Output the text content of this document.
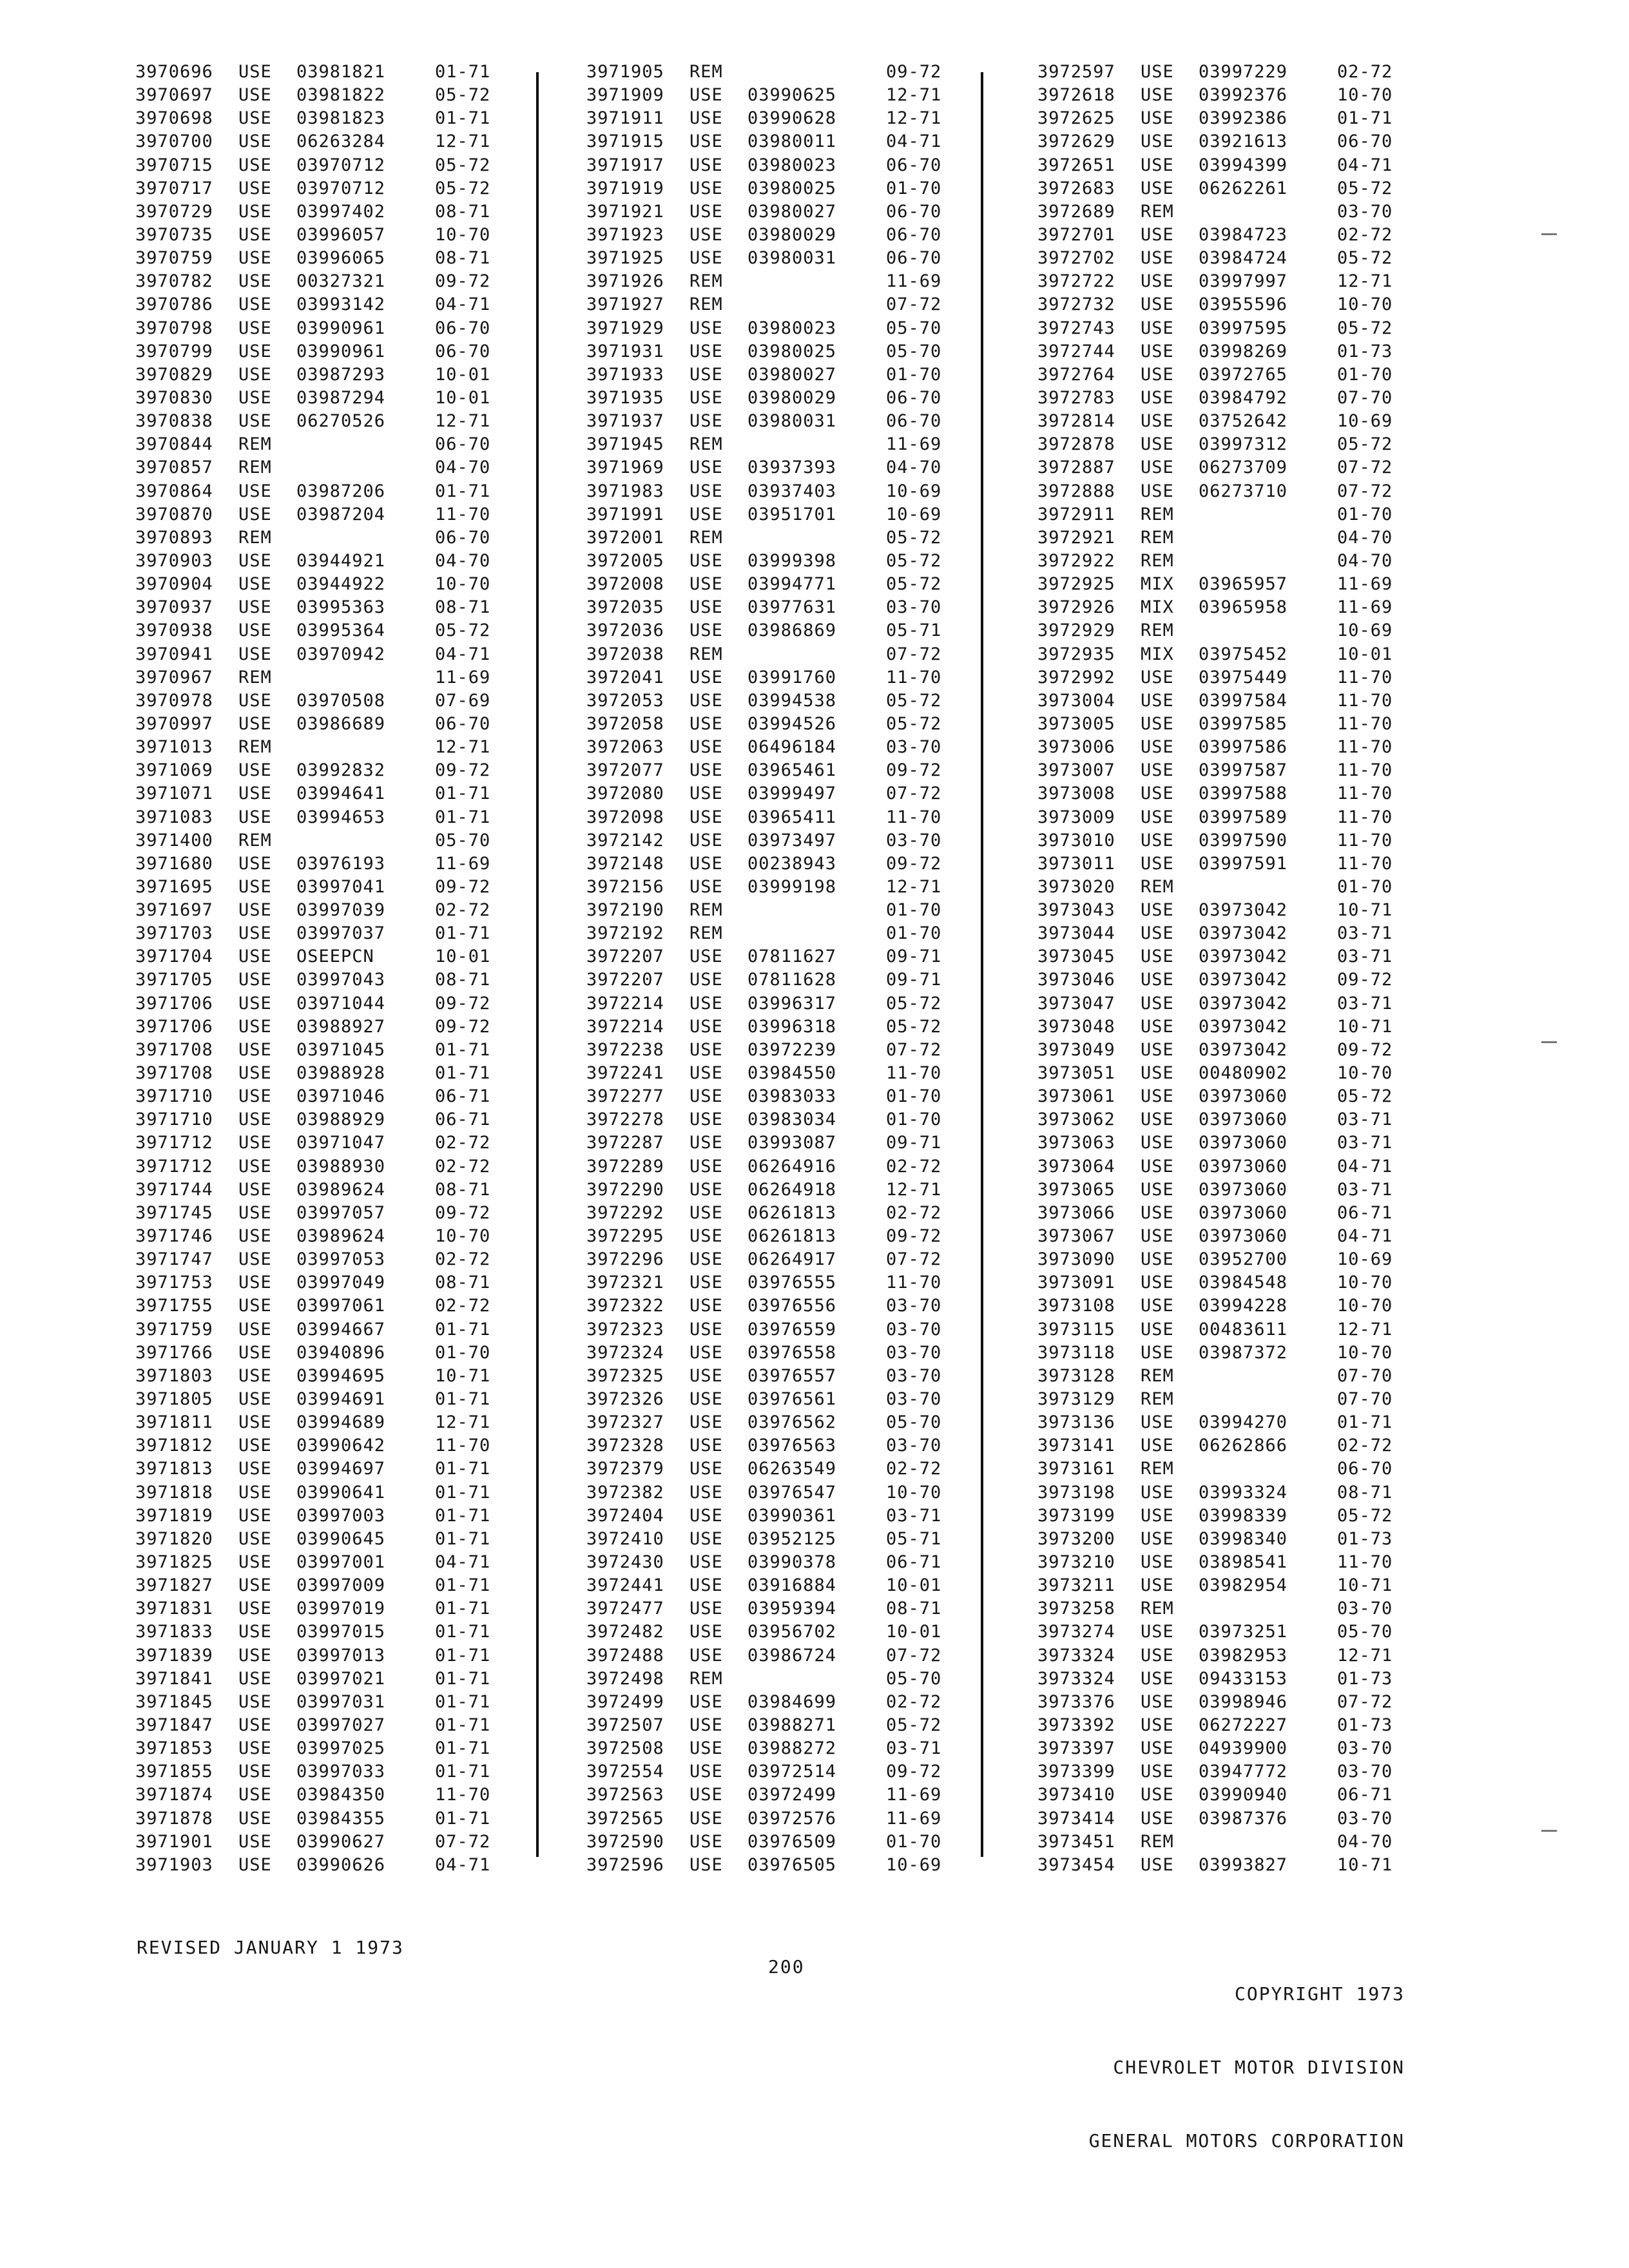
3970696 USE 03981821	01-71
3970697 USE 03981822	05-72
3970698 USE 03981823	01-71
3970700 USE 06263284	12-71
3970715 USE 03970712	05-72
3970717 USE 03970712	05-72
3970729 USE 03997402	08-71
3970735 USE 03996057	10-70
3970759 USE 03996065	08-71
3970782 USE 00327321	09-72
3970786 USE 03993142	04-71
3970798 USE 03990961	06-70
3970799 USE 03990961	06-70
3970829 USE 03987293	10-01
3970830 USE 03987294	10-01
3970838 USE 06270526	12-71
3970844 REM	06-70
3970857 REM	04-70
3970864 USE 03987206	01-71
3970870 USE 03987204	11-70
3970893 REM	06-70
3970903 USE 03944921	04-70
3970904 USE 03944922	10-70
3970937 USE 03995363	08-71
3970938 USE 03995364	05-72
3970941 USE 03970942	04-71
3970967 REM	11-69
3970978 USE 03970508	07-69
3970997 USE 03986689	06-70
3971013 REM	12-71
3971069 USE 03992832	09-72
3971071 USE 03994641	01-71
3971083 USE 03994653	01-71
3971400 REM	05-70
3971680 USE 03976193	11-69
3971695 USE 03997041	09-72
3971697 USE 03997039	02-72
3971703 USE 03997037	01-71
3971704 USE OSEEPCN	10-01
3971705 USE 03997043	08-71
3971706 USE 03971044	09-72
3971706 USE 03988927	09-72
3971708 USE 03971045	01-71
3971708 USE 03988928	01-71
3971710 USE 03971046	06-71
3971710 USE 03988929	06-71
3971712 USE 03971047	02-72
3971712 USE 03988930	02-72
3971744 USE 03989624	08-71
3971745 USE 03997057	09-72
3971746 USE 03989624	10-70
3971747 USE 03997053	02-72
3971753 USE 03997049	08-71
3971755 USE 03997061	02-72
3971759 USE 03994667	01-71
3971766 USE 03940896	01-70
3971803 USE 03994695	10-71
3971805 USE 03994691	01-71
3971811 USE 03994689	12-71
3971812 USE 03990642	11-70
3971813 USE 03994697	01-71
3971818 USE 03990641	01-71
3971819 USE 03997003	01-71
3971820 USE 03990645	01-71
3971825 USE 03997001	04-71
3971827 USE 03997009	01-71
3971831 USE 03997019	01-71
3971833 USE 03997015	01-71
3971839 USE 03997013	01-71
3971841 USE 03997021	01-71
3971845 USE 03997031	01-71
3971847 USE 03997027	01-71
3971853 USE 03997025	01-71
3971855 USE 03997033	01-71
3971874 USE 03984350	11-70
3971878 USE 03984355	01-71
3971901 USE 03990627	07-72
3971903 USE 03990626	04-71
3971905 REM	09-72
3971909 USE 03990625	12-71
3971911 USE 03990628	12-71
3971915 USE 03980011	04-71
3971917 USE 03980023	06-70
3971919 USE 03980025	01-70
3971921 USE 03980027	06-70
3971923 USE 03980029	06-70
3971925 USE 03980031	06-70
3971926 REM	11-69
3971927 REM	07-72
3971929 USE 03980023	05-70
3971931 USE 03980025	05-70
3971933 USE 03980027	01-70
3971935 USE 03980029	06-70
3971937 USE 03980031	06-70
3971945 REM	11-69
3971969 USE 03937393	04-70
3971983 USE 03937403	10-69
3971991 USE 03951701	10-69
3972001 REM	05-72
3972005 USE 03999398	05-72
3972008 USE 03994771	05-72
3972035 USE 03977631	03-70
3972036 USE 03986869	05-71
3972038 REM	07-72
3972041 USE 03991760	11-70
3972053 USE 03994538	05-72
3972058 USE 03994526	05-72
3972063 USE 06496184	03-70
3972077 USE 03965461	09-72
3972080 USE 03999497	07-72
3972098 USE 03965411	11-70
3972142 USE 03973497	03-70
3972148 USE 00238943	09-72
3972156 USE 03999198	12-71
3972190 REM	01-70
3972192 REM	01-70
3972207 USE 07811627	09-71
3972207 USE 07811628	09-71
3972214 USE 03996317	05-72
3972214 USE 03996318	05-72
3972238 USE 03972239	07-72
3972241 USE 03984550	11-70
3972277 USE 03983033	01-70
3972278 USE 03983034	01-70
3972287 USE 03993087	09-71
3972289 USE 06264916	02-72
3972290 USE 06264918	12-71
3972292 USE 06261813	02-72
3972295 USE 06261813	09-72
3972296 USE 06264917	07-72
3972321 USE 03976555	11-70
3972322 USE 03976556	03-70
3972323 USE 03976559	03-70
3972324 USE 03976558	03-70
3972325 USE 03976557	03-70
3972326 USE 03976561	03-70
3972327 USE 03976562	05-70
3972328 USE 03976563	03-70
3972379 USE 06263549	02-72
3972382 USE 03976547	10-70
3972404 USE 03990361	03-71
3972410 USE 03952125	05-71
3972430 USE 03990378	06-71
3972441 USE 03916884	10-01
3972477 USE 03959394	08-71
3972482 USE 03956702	10-01
3972488 USE 03986724	07-72
3972498 REM	05-70
3972499 USE 03984699	02-72
3972507 USE 03988271	05-72
3972508 USE 03988272	03-71
3972554 USE 03972514	09-72
3972563 USE 03972499	11-69
3972565 USE 03972576	11-69
3972590 USE 03976509	01-70
3972596 USE 03976505	10-69
3972597 USE 03997229	02-72
3972618 USE 03992376	10-70
3972625 USE 03992386	01-71
3972629 USE 03921613	06-70
3972651 USE 03994399	04-71
3972683 USE 06262261	05-72
3972689 REM	03-70
3972701 USE 03984723	02-72
3972702 USE 03984724	05-72
3972722 USE 03997997	12-71
3972732 USE 03955596	10-70
3972743 USE 03997595	05-72
3972744 USE 03998269	01-73
3972764 USE 03972765	01-70
3972783 USE 03984792	07-70
3972814 USE 03752642	10-69
3972878 USE 03997312	05-72
3972887 USE 06273709	07-72
3972888 USE 06273710	07-72
3972911 REM	01-70
3972921 REM	04-70
3972922 REM	04-70
3972925 MIX 03965957	11-69
3972926 MIX 03965958	11-69
3972929 REM	10-69
3972935 MIX 03975452	10-01
3972992 USE 03975449	11-70
3973004 USE 03997584	11-70
3973005 USE 03997585	11-70
3973006 USE 03997586	11-70
3973007 USE 03997587	11-70
3973008 USE 03997588	11-70
3973009 USE 03997589	11-70
3973010 USE 03997590	11-70
3973011 USE 03997591	11-70
3973020 REM	01-70
3973043 USE 03973042	10-71
3973044 USE 03973042	03-71
3973045 USE 03973042	03-71
3973046 USE 03973042	09-72
3973047 USE 03973042	03-71
3973048 USE 03973042	10-71
3973049 USE 03973042	09-72
3973051 USE 00480902	10-70
3973061 USE 03973060	05-72
3973062 USE 03973060	03-71
3973063 USE 03973060	03-71
3973064 USE 03973060	04-71
3973065 USE 03973060	03-71
3973066 USE 03973060	06-71
3973067 USE 03973060	04-71
3973090 USE 03952700	10-69
3973091 USE 03984548	10-70
3973108 USE 03994228	10-70
3973115 USE 00483611	12-71
3973118 USE 03987372	10-70
3973128 REM	07-70
3973129 REM	07-70
3973136 USE 03994270	01-71
3973141 USE 06262866	02-72
3973161 REM	06-70
3973198 USE 03993324	08-71
3973199 USE 03998339	05-72
3973200 USE 03998340	01-73
3973210 USE 03898541	11-70
3973211 USE 03982954	10-71
3973258 REM	03-70
3973274 USE 03973251	05-70
3973324 USE 03982953	12-71
3973324 USE 09433153	01-73
3973376 USE 03998946	07-72
3973392 USE 06272227	01-73
3973397 USE 04939900	03-70
3973399 USE 03947772	03-70
3973410 USE 03990940	06-71
3973414 USE 03987376	03-70
3973451 REM	04-70
3973454 USE 03993827	10-71
REVISED JANUARY 1 1973
200

COPYRIGHT 1973

CHEVROLET MOTOR DIVISION

GENERAL MOTORS CORPORATION
